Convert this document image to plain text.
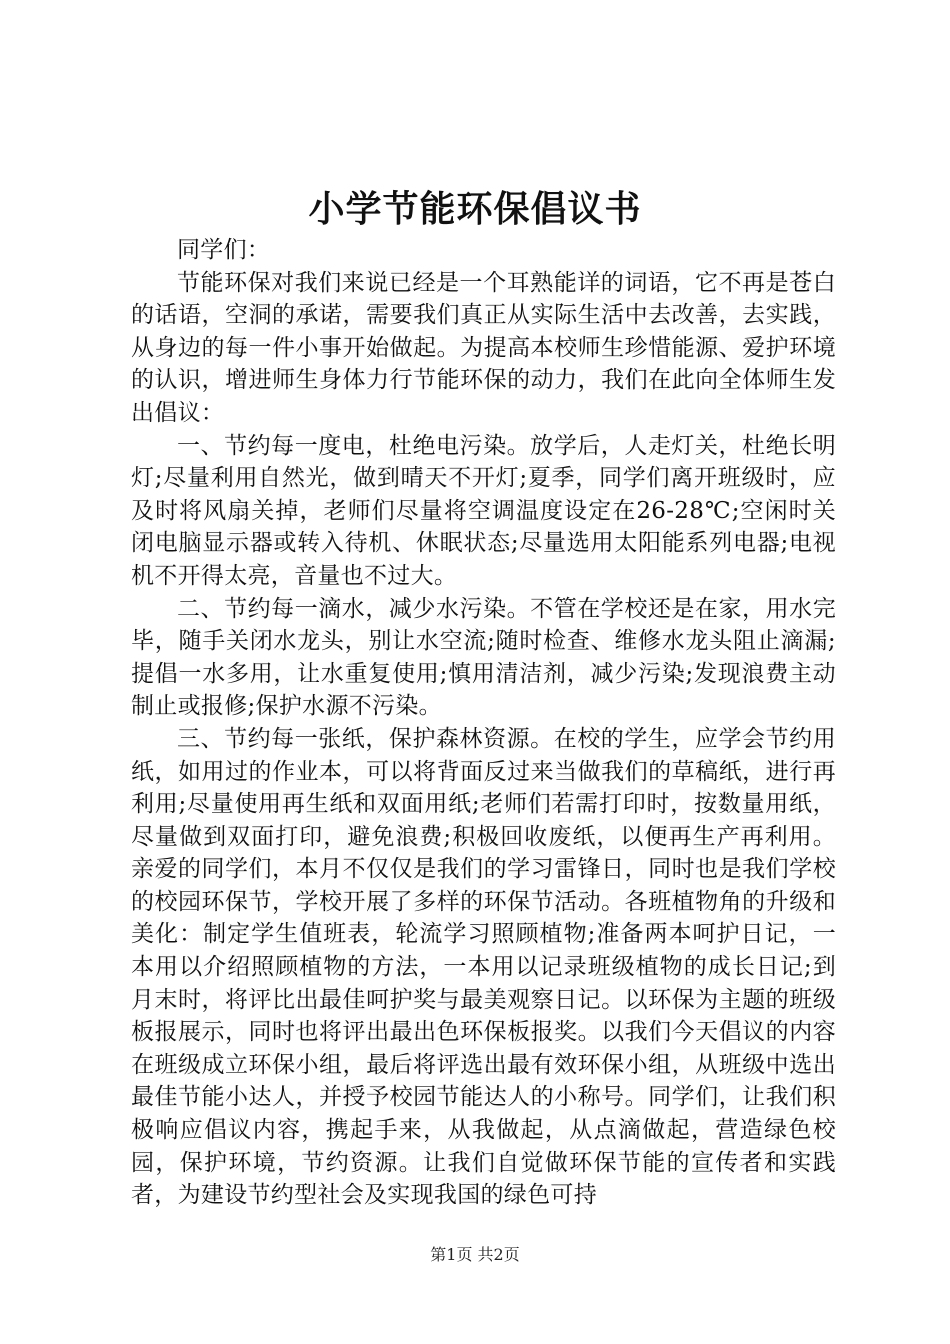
小学节能环保倡议书

同学们：

节能环保对我们来说已经是一个耳熟能详的词语，它不再是苍白的话语，空洞的承诺，需要我们真正从实际生活中去改善，去实践，从身边的每一件小事开始做起。为提高本校师生珍惜能源、爱护环境的认识，增进师生身体力行节能环保的动力，我们在此向全体师生发出倡议：

一、节约每一度电，杜绝电污染。放学后，人走灯关，杜绝长明灯;尽量利用自然光，做到晴天不开灯;夏季，同学们离开班级时，应及时将风扇关掉，老师们尽量将空调温度设定在26-28℃;空闲时关闭电脑显示器或转入待机、休眠状态;尽量选用太阳能系列电器;电视机不开得太亮，音量也不过大。

二、节约每一滴水，减少水污染。不管在学校还是在家，用水完毕，随手关闭水龙头，别让水空流;随时检查、维修水龙头阻止滴漏;提倡一水多用，让水重复使用;慎用清洁剂，减少污染;发现浪费主动制止或报修;保护水源不污染。

三、节约每一张纸，保护森林资源。在校的学生，应学会节约用纸，如用过的作业本，可以将背面反过来当做我们的草稿纸，进行再利用;尽量使用再生纸和双面用纸;老师们若需打印时，按数量用纸，尽量做到双面打印，避免浪费;积极回收废纸，以便再生产再利用。亲爱的同学们，本月不仅仅是我们的学习雷锋日，同时也是我们学校的校园环保节，学校开展了多样的环保节活动。各班植物角的升级和美化：制定学生值班表，轮流学习照顾植物;准备两本呵护日记，一本用以介绍照顾植物的方法，一本用以记录班级植物的成长日记;到月末时，将评比出最佳呵护奖与最美观察日记。以环保为主题的班级板报展示，同时也将评出最出色环保板报奖。以我们今天倡议的内容在班级成立环保小组，最后将评选出最有效环保小组，从班级中选出最佳节能小达人，并授予校园节能达人的小称号。同学们，让我们积极响应倡议内容，携起手来，从我做起，从点滴做起，营造绿色校园，保护环境，节约资源。让我们自觉做环保节能的宣传者和实践者，为建设节约型社会及实现我国的绿色可持

第1页 共2页
